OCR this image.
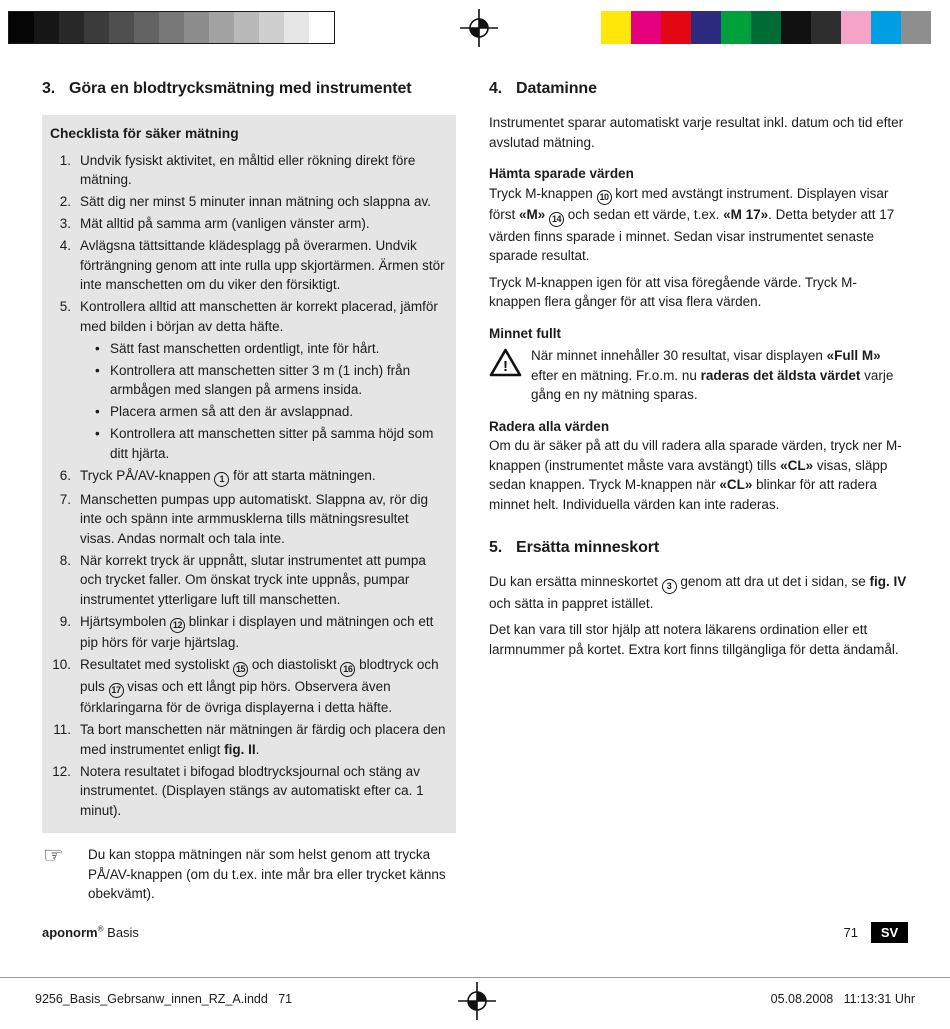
3. Göra en blodtrycksmätning med instrumentet
Checklista för säker mätning
1. Undvik fysiskt aktivitet, en måltid eller rökning direkt före mätning.
2. Sätt dig ner minst 5 minuter innan mätning och slappna av.
3. Mät alltid på samma arm (vanligen vänster arm).
4. Avlägsna tättsittande klädesplagg på överarmen. Undvik förträngning genom att inte rulla upp skjortärmen. Ärmen stör inte manschetten om du viker den försiktigt.
5. Kontrollera alltid att manschetten är korrekt placerad, jämför med bilden i början av detta häfte.
• Sätt fast manschetten ordentligt, inte för hårt.
• Kontrollera att manschetten sitter 3 m (1 inch) från armbågen med slangen på armens insida.
• Placera armen så att den är avslappnad.
• Kontrollera att manschetten sitter på samma höjd som ditt hjärta.
6. Tryck PÅ/AV-knappen 1 för att starta mätningen.
7. Manschetten pumpas upp automatiskt. Slappna av, rör dig inte och spänn inte armmusklerna tills mätningsresultet visas. Andas normalt och tala inte.
8. När korrekt tryck är uppnått, slutar instrumentet att pumpa och trycket faller. Om önskat tryck inte uppnås, pumpar instrumentet ytterligare luft till manschetten.
9. Hjärtsymbolen 12 blinkar i displayen und mätningen och ett pip hörs för varje hjärtslag.
10. Resultatet med systoliskt 15 och diastoliskt 16 blodtryck och puls 17 visas och ett långt pip hörs. Observera även förklaringarna för de övriga displayerna i detta häfte.
11. Ta bort manschetten när mätningen är färdig och placera den med instrumentet enligt fig. II.
12. Notera resultatet i bifogad blodtrycksjournal och stäng av instrumentet. (Displayen stängs av automatiskt efter ca. 1 minut).
☞	Du kan stoppa mätningen när som helst genom att trycka PÅ/AV-knappen (om du t.ex. inte mår bra eller trycket känns obekvämt).
4. Dataminne
Instrumentet sparar automatiskt varje resultat inkl. datum och tid efter avslutad mätning.
Hämta sparade värden
Tryck M-knappen 10 kort med avstängt instrument. Displayen visar först «M» 14 och sedan ett värde, t.ex. «M 17». Detta betyder att 17 värden finns sparade i minnet. Sedan visar instrumentet senaste sparade resultat.
Tryck M-knappen igen för att visa föregående värde. Tryck M-knappen flera gånger för att visa flera värden.
Minnet fullt
!
När minnet innehåller 30 resultat, visar displayen «Full M» efter en mätning. Fr.o.m. nu raderas det äldsta värdet varje gång en ny mätning sparas.
Radera alla värden
Om du är säker på att du vill radera alla sparade värden, tryck ner M-knappen (instrumentet måste vara avstängt) tills «CL» visas, släpp sedan knappen. Tryck M-knappen när «CL» blinkar för att radera minnet helt. Individuella värden kan inte raderas.
5. Ersätta minneskort
Du kan ersätta minneskortet 3 genom att dra ut det i sidan, se fig. IV och sätta in pappret istället.
Det kan vara till stor hjälp att notera läkarens ordination eller ett larmnummer på kortet. Extra kort finns tillgängliga för detta ändamål.
aponorm® Basis	71	SV
9256_Basis_Gebrsanw_innen_RZ_A.indd   71	05.08.2008   11:13:31 Uhr
